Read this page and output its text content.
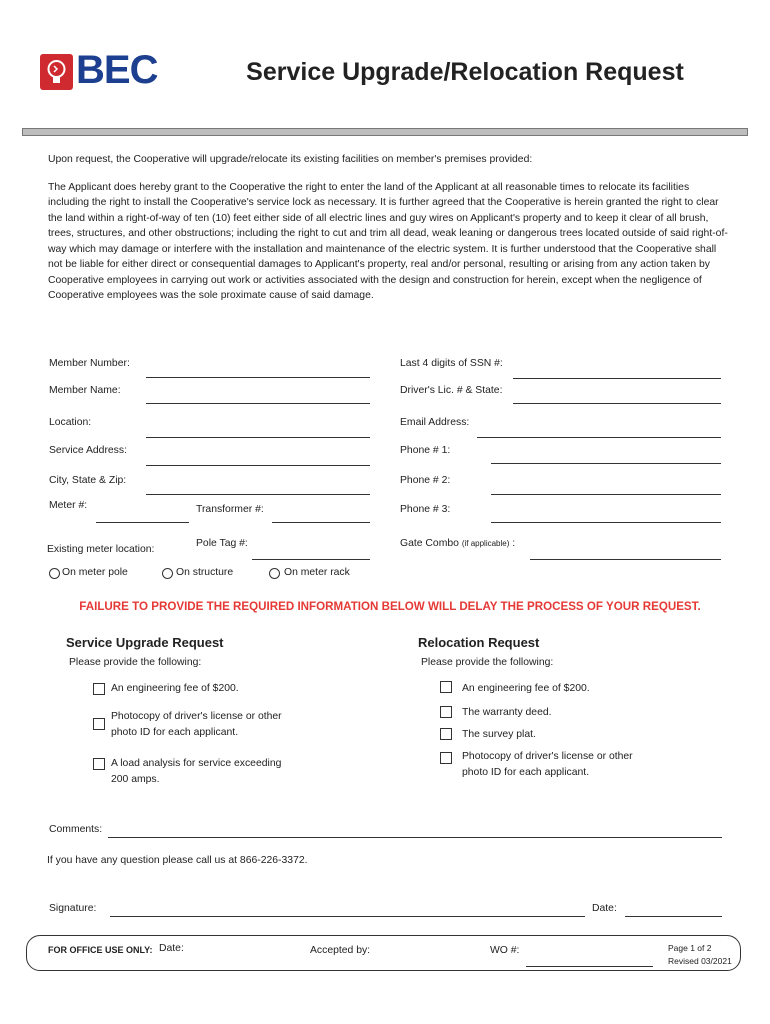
BEC	Service Upgrade/Relocation Request

Upon request, the Cooperative will upgrade/relocate its existing facilities on member's premises provided:

The Applicant does hereby grant to the Cooperative the right to enter the land of the Applicant at all reasonable times to relocate its facilities including the right to install the Cooperative's service lock as necessary. It is further agreed that the Cooperative is herein granted the right to clear the land within a right-of-way of ten (10) feet either side of all electric lines and guy wires on Applicant's property and to keep it clear of all brush, trees, structures, and other obstructions; including the right to cut and trim all dead, weak leaning or dangerous trees located outside of said right-of-way which may damage or interfere with the installation and maintenance of the electric system. It is further understood that the Cooperative shall not be liable for either direct or consequential damages to Applicant's property, real and/or personal, resulting or arising from any action taken by Cooperative employees in carrying out work or activities associated with the design and construction for herein, except when the negligence of Cooperative employees was the sole proximate cause of said damage.

Member Number:
Member Name:
Location:
Service Address:
City, State & Zip:
Meter #:	Transformer #:
Pole Tag #:
Existing meter location:
On meter pole	On structure	On meter rack
Last 4 digits of SSN #:
Driver's Lic. # & State:
Email Address:
Phone # 1:
Phone # 2:
Phone # 3:
Gate Combo (if applicable) :
FAILURE TO PROVIDE THE REQUIRED INFORMATION BELOW WILL DELAY THE PROCESS OF YOUR REQUEST.
Service Upgrade Request
Please provide the following:
An engineering fee of $200.
Photocopy of driver's license or other
photo ID for each applicant.
A load analysis for service exceeding
200 amps.
Relocation Request
Please provide the following:
An engineering fee of $200.
The warranty deed.
The survey plat.
Photocopy of driver's license or other
photo ID for each applicant.
Comments:
If you have any question please call us at 866-226-3372.
Signature:	Date:
FOR OFFICE USE ONLY: Date:	Accepted by:	WO #:	Page 1 of 2
Revised 03/2021
